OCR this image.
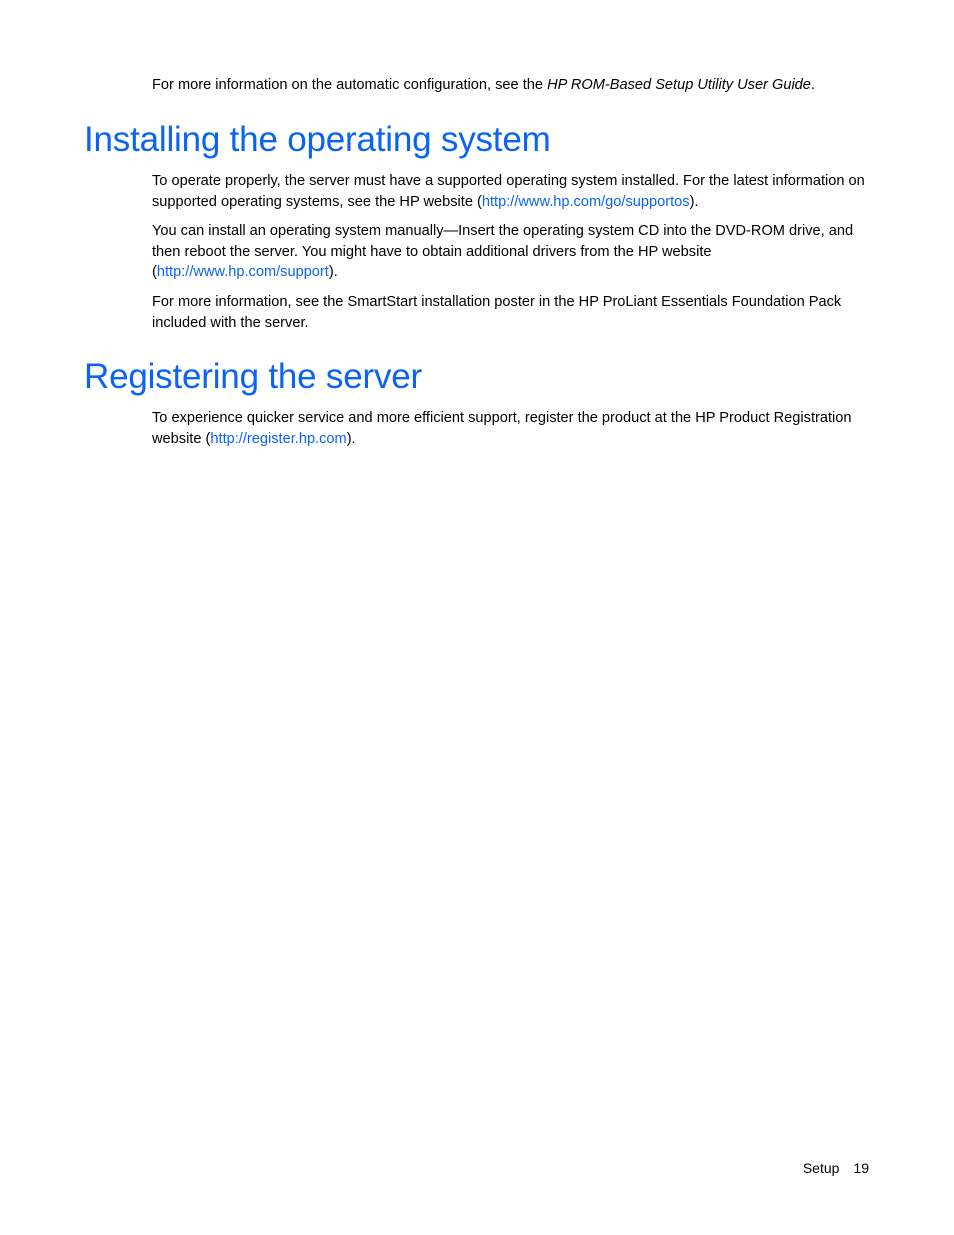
For more information on the automatic configuration, see the HP ROM-Based Setup Utility User Guide.

Installing the operating system

To operate properly, the server must have a supported operating system installed. For the latest information on supported operating systems, see the HP website (http://www.hp.com/go/supportos).

You can install an operating system manually—Insert the operating system CD into the DVD-ROM drive, and then reboot the server. You might have to obtain additional drivers from the HP website (http://www.hp.com/support).

For more information, see the SmartStart installation poster in the HP ProLiant Essentials Foundation Pack included with the server.

Registering the server

To experience quicker service and more efficient support, register the product at the HP Product Registration website (http://register.hp.com).

Setup 19
